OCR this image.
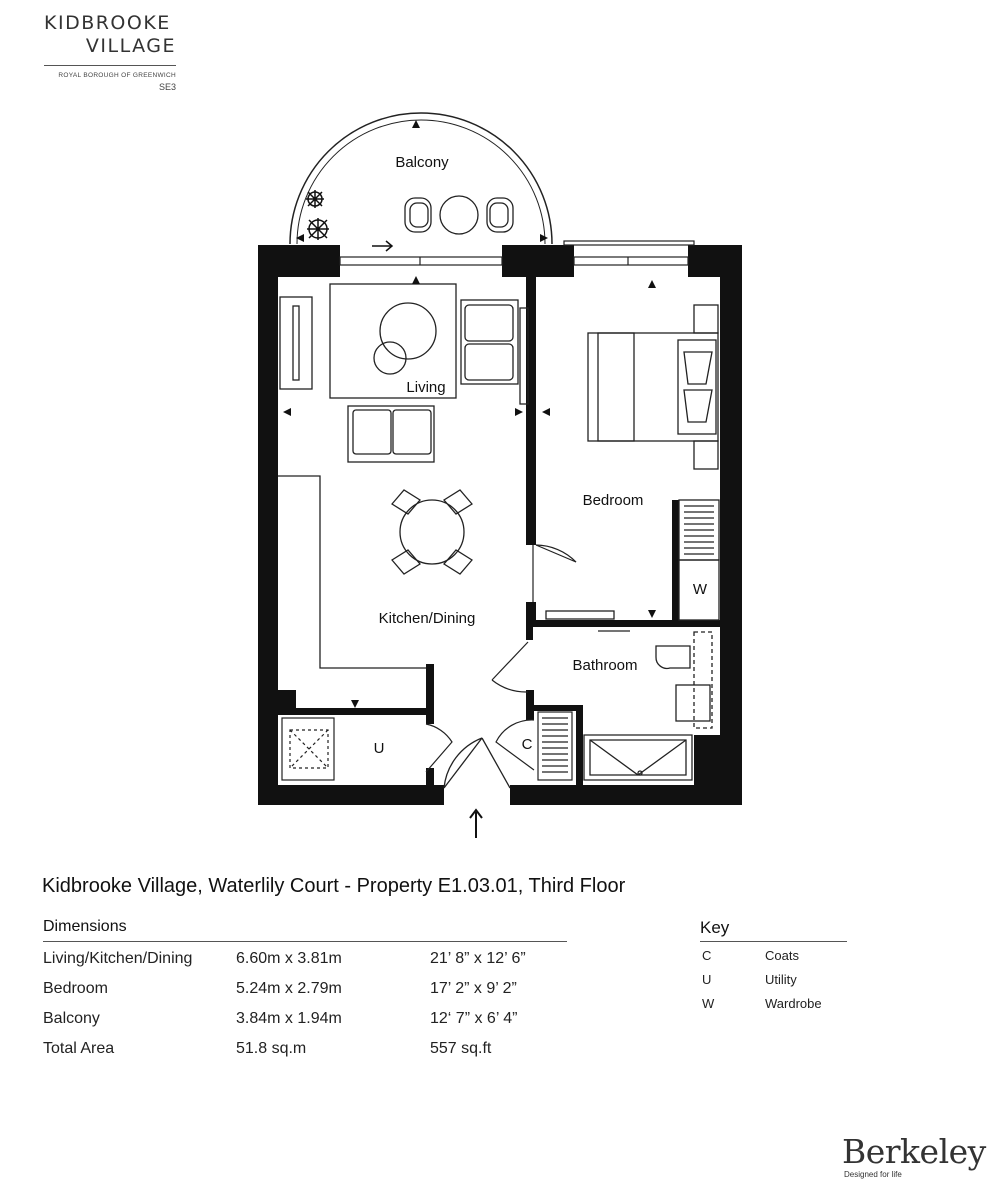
KIDBROOKE
VILLAGE
ROYAL BOROUGH OF GREENWICH
SE3
Balcony
Living
Bedroom
Kitchen/Dining
Bathroom
U	C
W
Kidbrooke Village, Waterlily Court - Property E1.03.01, Third Floor
Dimensions
Living/Kitchen/Dining	6.60m x 3.81m	21’ 8” x 12’ 6”
Bedroom	5.24m x 2.79m	17’ 2” x 9’ 2”
Balcony	3.84m x 1.94m	12‘ 7” x 6’ 4”
Total Area	51.8 sq.m	557 sq.ft
Key
C	Coats
U	Utility
W	Wardrobe
Berkeley
Designed for life
